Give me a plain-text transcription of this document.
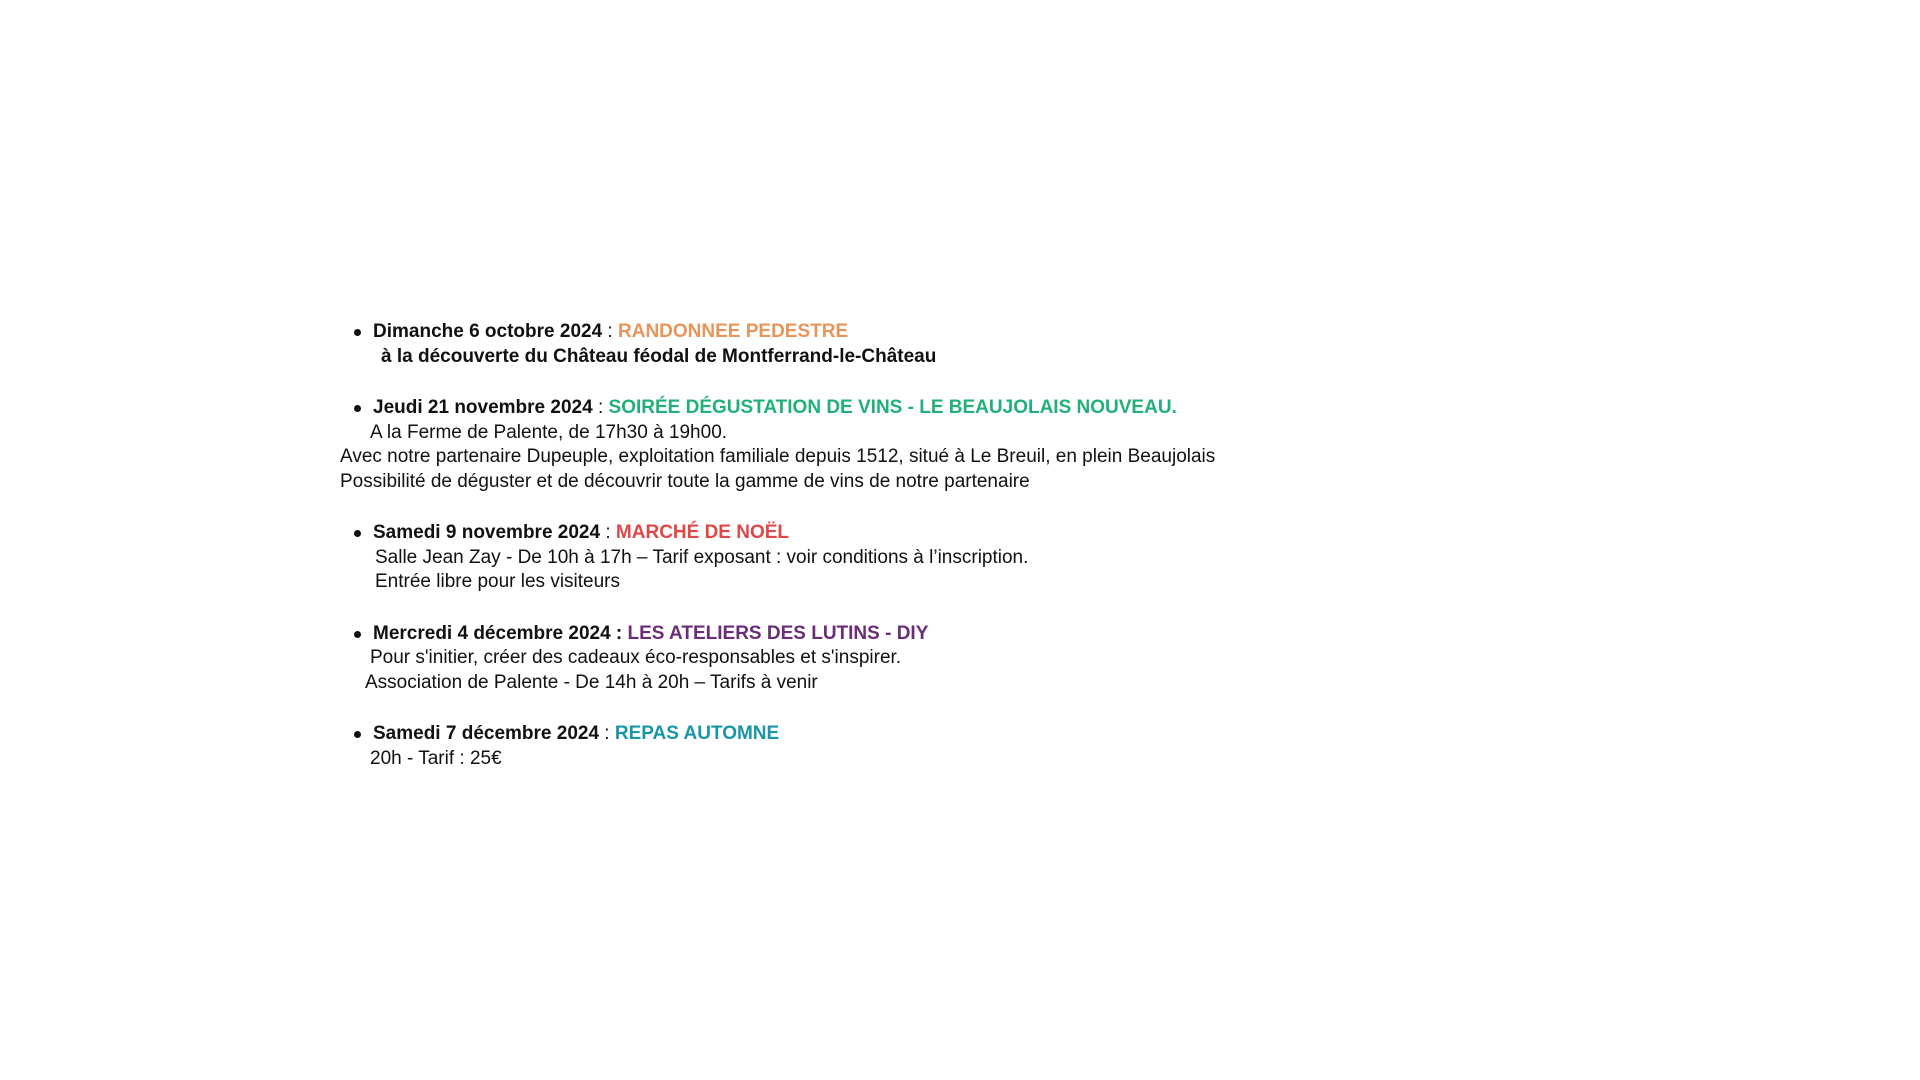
Dimanche 6 octobre 2024 : RANDONNEE PEDESTRE
à la découverte du Château féodal de Montferrand-le-Château
Jeudi 21 novembre 2024 : SOIRÉE DÉGUSTATION DE VINS - LE BEAUJOLAIS NOUVEAU.
A la Ferme de Palente, de 17h30 à 19h00.
Avec notre partenaire Dupeuple, exploitation familiale depuis 1512, situé à Le Breuil, en plein Beaujolais
Possibilité de déguster et de découvrir toute la gamme de vins de notre partenaire
Samedi 9 novembre 2024 : MARCHÉ DE NOËL
Salle Jean Zay - De 10h à 17h – Tarif exposant : voir conditions à l’inscription.
Entrée libre pour les visiteurs
Mercredi 4 décembre 2024 : LES ATELIERS DES LUTINS - DIY
Pour s'initier, créer des cadeaux éco-responsables et s'inspirer.
Association de Palente - De 14h à 20h – Tarifs à venir
Samedi 7 décembre 2024 : REPAS AUTOMNE
20h - Tarif : 25€
